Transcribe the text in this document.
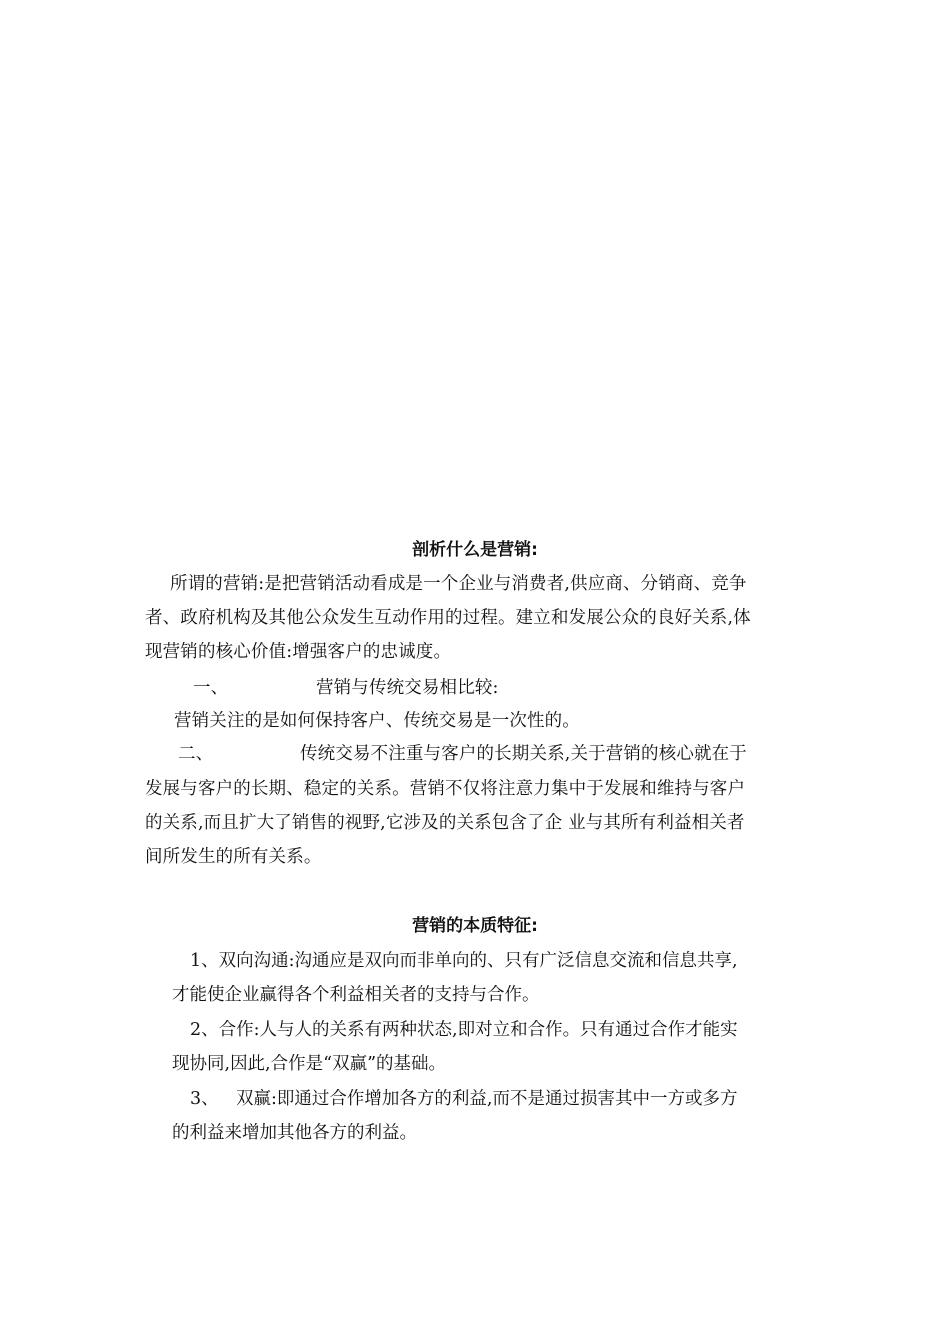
剖析什么是营销:
所谓的营销:是把营销活动看成是一个企业与消费者,供应商、分销商、竞争
者、政府机构及其他公众发生互动作用的过程。建立和发展公众的良好关系,体
现营销的核心价值:增强客户的忠诚度。
一、	营销与传统交易相比较:
营销关注的是如何保持客户、传统交易是一次性的。
二、	传统交易不注重与客户的长期关系,关于营销的核心就在于
发展与客户的长期、稳定的关系。营销不仅将注意力集中于发展和维持与客户
的关系,而且扩大了销售的视野,它涉及的关系包含了企 业与其所有利益相关者
间所发生的所有关系。
营销的本质特征:
1、双向沟通:沟通应是双向而非单向的、只有广泛信息交流和信息共享,
才能使企业赢得各个利益相关者的支持与合作。
2、合作:人与人的关系有两种状态,即对立和合作。只有通过合作才能实
现协同,因此,合作是“双赢”的基础。
3、 双赢:即通过合作增加各方的利益,而不是通过损害其中一方或多方
的利益来增加其他各方的利益。
